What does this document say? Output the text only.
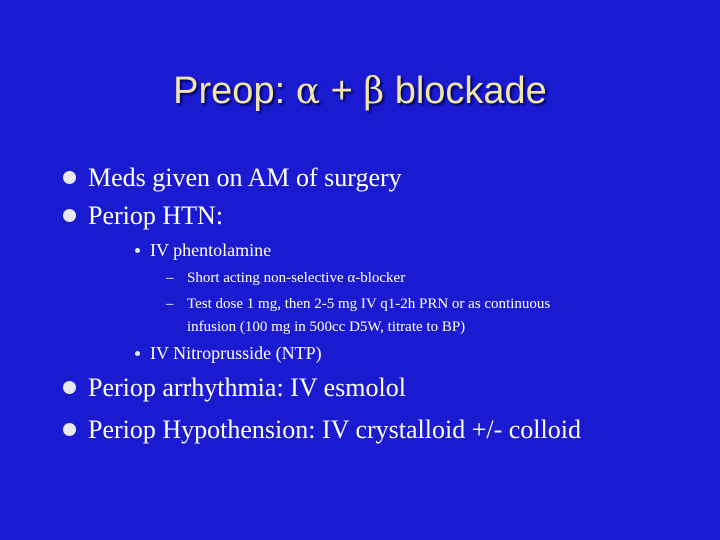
Preop: α + β blockade
Meds given on AM of surgery
Periop HTN:
IV phentolamine
– Short acting non-selective α-blocker
– Test dose 1 mg, then 2-5 mg IV q1-2h PRN or as continuous
infusion (100 mg in 500cc D5W, titrate to BP)
IV Nitroprusside (NTP)
Periop arrhythmia: IV esmolol
Periop Hypothension: IV crystalloid +/- colloid
